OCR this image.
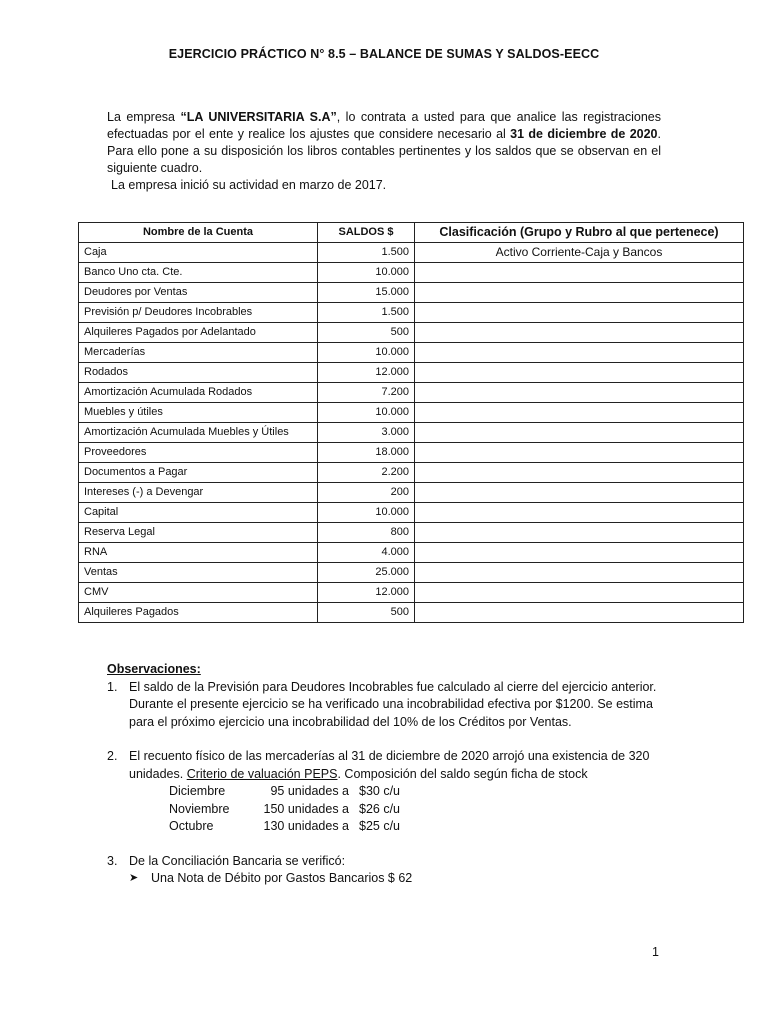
EJERCICIO PRÁCTICO N° 8.5 – BALANCE DE SUMAS Y SALDOS-EECC

La empresa “LA UNIVERSITARIA S.A”, lo contrata a usted para que analice las registraciones efectuadas por el ente y realice los ajustes que considere necesario al 31 de diciembre de 2020. Para ello pone a su disposición los libros contables pertinentes y los saldos que se observan en el siguiente cuadro.

La empresa inició su actividad en marzo de 2017.

Nombre de la Cuenta	SALDOS $	Clasificación (Grupo y Rubro al que pertenece)
Caja	1.500	Activo Corriente-Caja y Bancos
Banco Uno cta. Cte.	10.000	
Deudores por Ventas	15.000	
Previsión p/ Deudores Incobrables	1.500	
Alquileres Pagados por Adelantado	500	
Mercaderías	10.000	
Rodados	12.000	
Amortización Acumulada Rodados	7.200	
Muebles y útiles	10.000	
Amortización Acumulada Muebles y Útiles	3.000	
Proveedores	18.000	
Documentos a Pagar	2.200	
Intereses (-) a Devengar	200	
Capital	10.000	
Reserva Legal	800	
RNA	4.000	
Ventas	25.000	
CMV	12.000	
Alquileres Pagados	500	

Observaciones:

1. El saldo de la Previsión para Deudores Incobrables fue calculado al cierre del ejercicio anterior. Durante el presente ejercicio se ha verificado una incobrabilidad efectiva por $1200. Se estima para el próximo ejercicio una incobrabilidad del 10% de los Créditos por Ventas.
2. El recuento físico de las mercaderías al 31 de diciembre de 2020 arrojó una existencia de 320 unidades. Criterio de valuación PEPS. Composición del saldo según ficha de stock
Diciembre	95 unidades a $30 c/u
Noviembre	150 unidades a $26 c/u
Octubre	130 unidades a $25 c/u
3. De la Conciliación Bancaria se verificó:
➤	Una Nota de Débito por Gastos Bancarios $ 62
1
